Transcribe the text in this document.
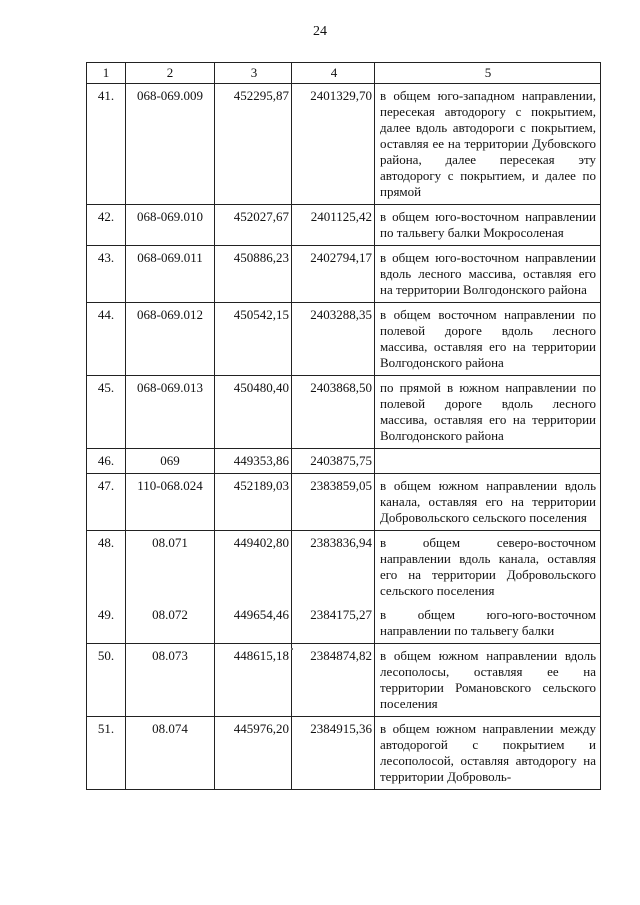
24
1	2	3	4	5
41.	068-069.009	452295,87	2401329,70	в общем юго-западном направлении, пересекая автодорогу с покрытием, далее вдоль автодороги с покрытием, оставляя ее на территории Дубовского района, далее пересекая эту автодорогу с покрытием, и далее по прямой
42.	068-069.010	452027,67	2401125,42	в общем юго-восточном направлении по тальвегу балки Мокросоленая
43.	068-069.011	450886,23	2402794,17	в общем юго-восточном направлении вдоль лесного массива, оставляя его на территории Волгодонского района
44.	068-069.012	450542,15	2403288,35	в общем восточном направлении по полевой дороге вдоль лесного массива, оставляя его на территории Волгодонского района
45.	068-069.013	450480,40	2403868,50	по прямой в южном направлении по полевой дороге вдоль лесного массива, оставляя его на территории Волгодонского района
46.	069	449353,86	2403875,75	
47.	110-068.024	452189,03	2383859,05	в общем южном направлении вдоль канала, оставляя его на территории Добровольского сельского поселения
48.	08.071	449402,80	2383836,94	в общем северо-восточном направлении вдоль канала, оставляя его на территории Добровольского сельского поселения
49.	08.072	449654,46	2384175,27	в общем юго-юго-восточном направлении по тальвегу балки
50.	08.073	448615,18	2384874,82	в общем южном направлении вдоль лесополосы, оставляя ее на территории Романовского сельского поселения
51.	08.074	445976,20	2384915,36	в общем южном направлении между автодорогой с покрытием и лесополосой, оставляя автодорогу на территории Доброволь-
